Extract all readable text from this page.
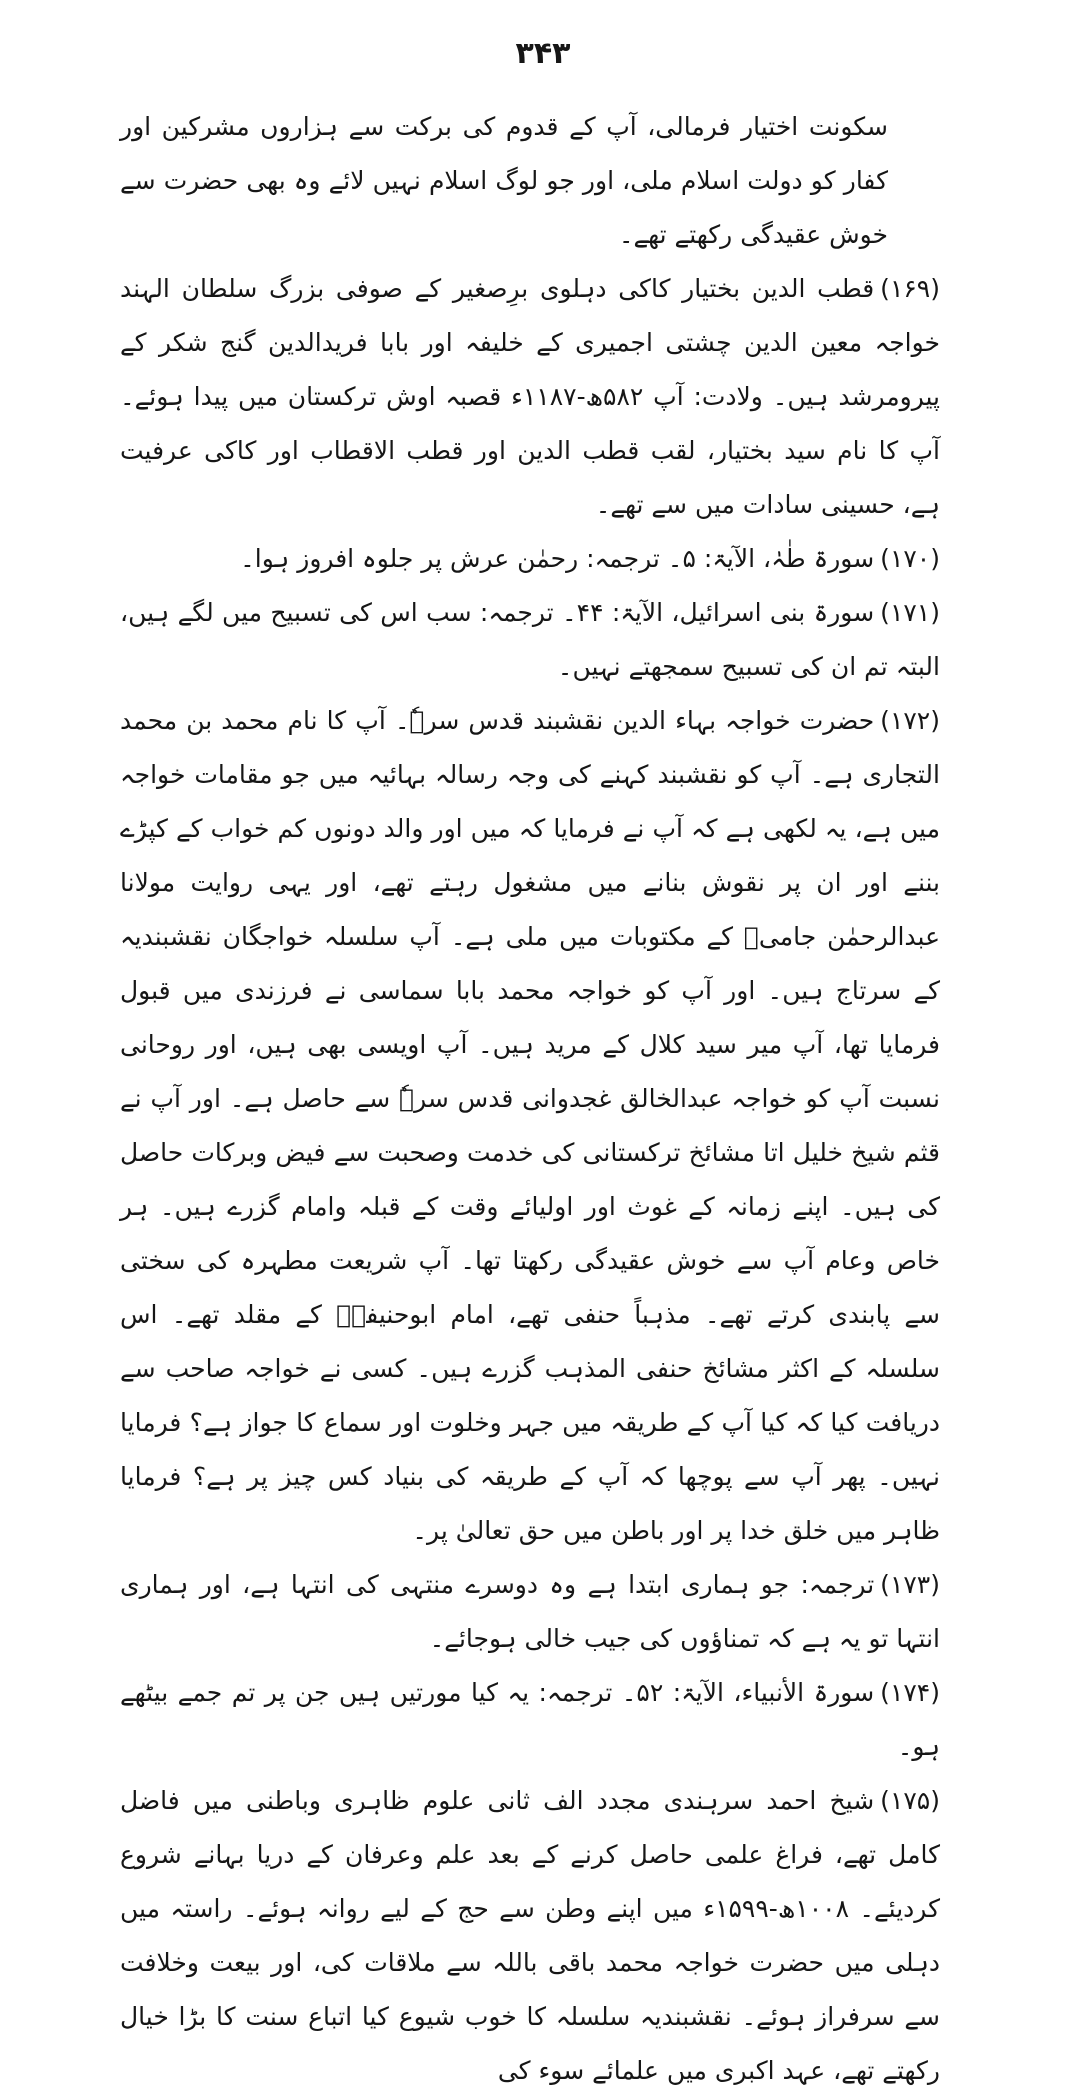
۳۴۳

سکونت اختیار فرمالی، آپ کے قدوم کی برکت سے ہزاروں مشرکین اور کفار کو دولت اسلام ملی، اور جو لوگ اسلام نہیں لائے وہ بھی حضرت سے خوش عقیدگی رکھتے تھے۔

(۱۶۹)قطب الدین بختیار کاکی دہلوی برِصغیر کے صوفی بزرگ سلطان الہند خواجہ معین الدین چشتی اجمیری کے خلیفہ اور بابا فریدالدین گنج شکر کے پیرومرشد ہیں۔ ولادت: آپ ۵۸۲ھ-۱۱۸۷ء قصبہ اوش ترکستان میں پیدا ہوئے۔ آپ کا نام سید بختیار، لقب قطب الدین اور قطب الاقطاب اور کاکی عرفیت ہے، حسینی سادات میں سے تھے۔

(۱۷۰)سورۃ طٰہٰ، الآیۃ: ۵۔ ترجمہ: رحمٰن عرش پر جلوہ افروز ہوا۔

(۱۷۱)سورۃ بنی اسرائیل، الآیۃ: ۴۴۔ ترجمہ: سب اس کی تسبیح میں لگے ہیں، البتہ تم ان کی تسبیح سمجھتے نہیں۔

(۱۷۲)حضرت خواجہ بہاء الدین نقشبند قدس سرہٗ۔ آپ کا نام محمد بن محمد التجاری ہے۔ آپ کو نقشبند کہنے کی وجہ رسالہ بہائیہ میں جو مقامات خواجہ میں ہے، یہ لکھی ہے کہ آپ نے فرمایا کہ میں اور والد دونوں کم خواب کے کپڑے بننے اور ان پر نقوش بنانے میں مشغول رہتے تھے، اور یہی روایت مولانا عبدالرحمٰن جامیؒ کے مکتوبات میں ملی ہے۔ آپ سلسلہ خواجگان نقشبندیہ کے سرتاج ہیں۔ اور آپ کو خواجہ محمد بابا سماسی نے فرزندی میں قبول فرمایا تھا، آپ میر سید کلال کے مرید ہیں۔ آپ اویسی بھی ہیں، اور روحانی نسبت آپ کو خواجہ عبدالخالق غجدوانی قدس سرہٗ سے حاصل ہے۔ اور آپ نے قثم شیخ خلیل اتا مشائخ ترکستانی کی خدمت وصحبت سے فیض وبرکات حاصل کی ہیں۔ اپنے زمانہ کے غوث اور اولیائے وقت کے قبلہ وامام گزرے ہیں۔ ہر خاص وعام آپ سے خوش عقیدگی رکھتا تھا۔ آپ شریعت مطہرہ کی سختی سے پابندی کرتے تھے۔ مذہباً حنفی تھے، امام ابوحنیفہؒ کے مقلد تھے۔ اس سلسلہ کے اکثر مشائخ حنفی المذہب گزرے ہیں۔ کسی نے خواجہ صاحب سے دریافت کیا کہ کیا آپ کے طریقہ میں جہر وخلوت اور سماع کا جواز ہے؟ فرمایا نہیں۔ پھر آپ سے پوچھا کہ آپ کے طریقہ کی بنیاد کس چیز پر ہے؟ فرمایا ظاہر میں خلق خدا پر اور باطن میں حق تعالیٰ پر۔

(۱۷۳)ترجمہ: جو ہماری ابتدا ہے وہ دوسرے منتہی کی انتہا ہے، اور ہماری انتہا تو یہ ہے کہ تمناؤوں کی جیب خالی ہوجائے۔

(۱۷۴)سورۃ الأنبیاء، الآیۃ: ۵۲۔ ترجمہ: یہ کیا مورتیں ہیں جن پر تم جمے بیٹھے ہو۔

(۱۷۵)شیخ احمد سرہندی مجدد الف ثانی علوم ظاہری وباطنی میں فاضل کامل تھے، فراغ علمی حاصل کرنے کے بعد علم وعرفان کے دریا بہانے شروع کردیئے۔ ۱۰۰۸ھ-۱۵۹۹ء میں اپنے وطن سے حج کے لیے روانہ ہوئے۔ راستہ میں دہلی میں حضرت خواجہ محمد باقی باللہ سے ملاقات کی، اور بیعت وخلافت سے سرفراز ہوئے۔ نقشبندیہ سلسلہ کا خوب شیوع کیا اتباع سنت کا بڑا خیال رکھتے تھے، عہد اکبری میں علمائے سوء کی
